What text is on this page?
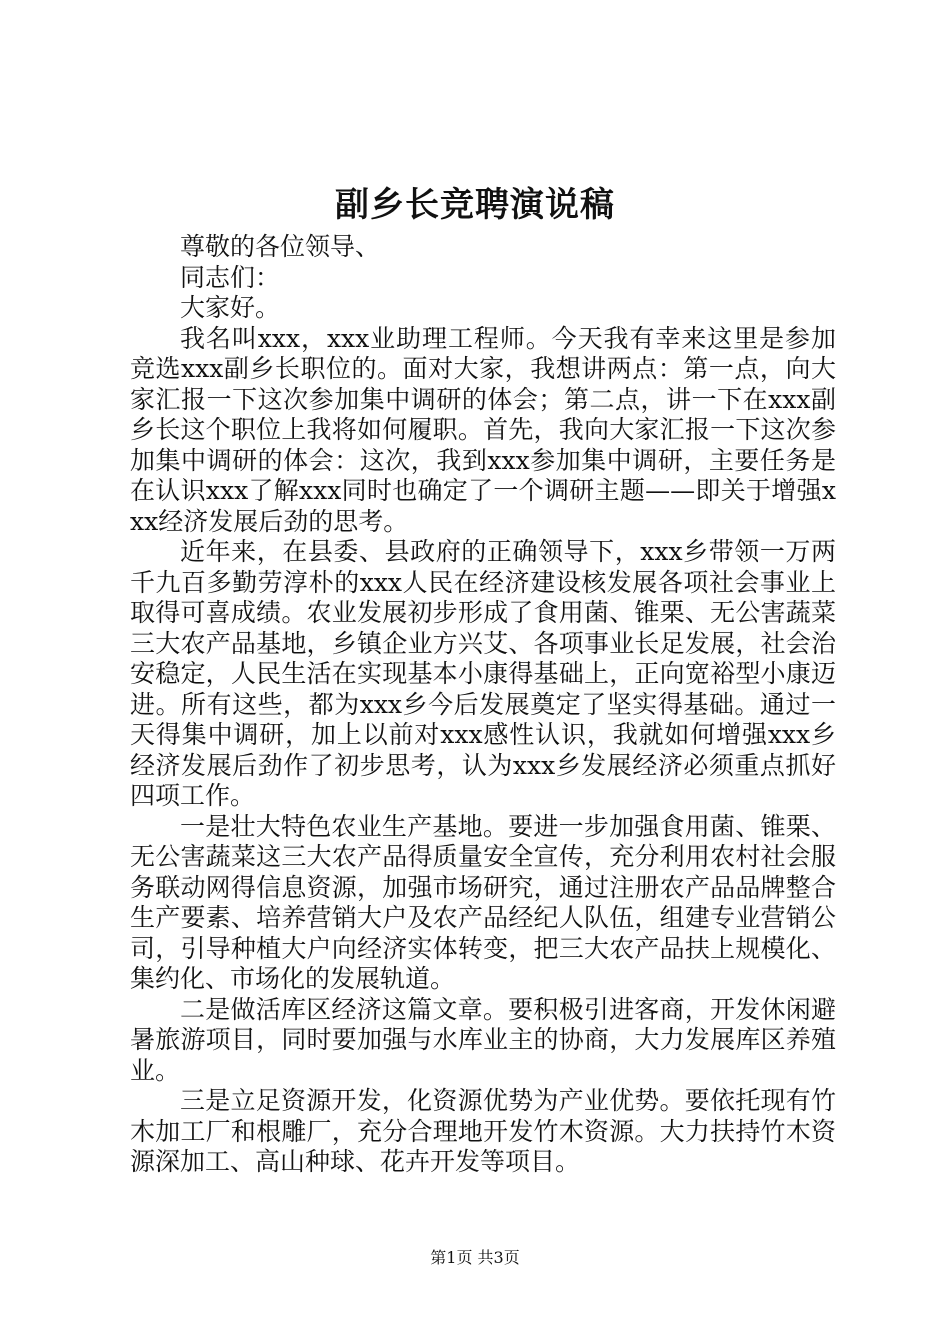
副乡长竞聘演说稿

尊敬的各位领导、

同志们：

大家好。

我名叫xxx，xxx业助理工程师。今天我有幸来这里是参加竞选xxx副乡长职位的。面对大家，我想讲两点：第一点，向大家汇报一下这次参加集中调研的体会；第二点，讲一下在xxx副乡长这个职位上我将如何履职。首先，我向大家汇报一下这次参加集中调研的体会：这次，我到xxx参加集中调研，主要任务是在认识xxx了解xxx同时也确定了一个调研主题——即关于增强xxx经济发展后劲的思考。

近年来，在县委、县政府的正确领导下，xxx乡带领一万两千九百多勤劳淳朴的xxx人民在经济建设核发展各项社会事业上取得可喜成绩。农业发展初步形成了食用菌、锥栗、无公害蔬菜三大农产品基地，乡镇企业方兴艾、各项事业长足发展，社会治安稳定，人民生活在实现基本小康得基础上，正向宽裕型小康迈进。所有这些，都为xxx乡今后发展奠定了坚实得基础。通过一天得集中调研，加上以前对xxx感性认识，我就如何增强xxx乡经济发展后劲作了初步思考，认为xxx乡发展经济必须重点抓好四项工作。

一是壮大特色农业生产基地。要进一步加强食用菌、锥栗、无公害蔬菜这三大农产品得质量安全宣传，充分利用农村社会服务联动网得信息资源，加强市场研究，通过注册农产品品牌整合生产要素、培养营销大户及农产品经纪人队伍，组建专业营销公司，引导种植大户向经济实体转变，把三大农产品扶上规模化、集约化、市场化的发展轨道。

二是做活库区经济这篇文章。要积极引进客商，开发休闲避暑旅游项目，同时要加强与水库业主的协商，大力发展库区养殖业。

三是立足资源开发，化资源优势为产业优势。要依托现有竹木加工厂和根雕厂，充分合理地开发竹木资源。大力扶持竹木资源深加工、高山种球、花卉开发等项目。

第1页 共3页
